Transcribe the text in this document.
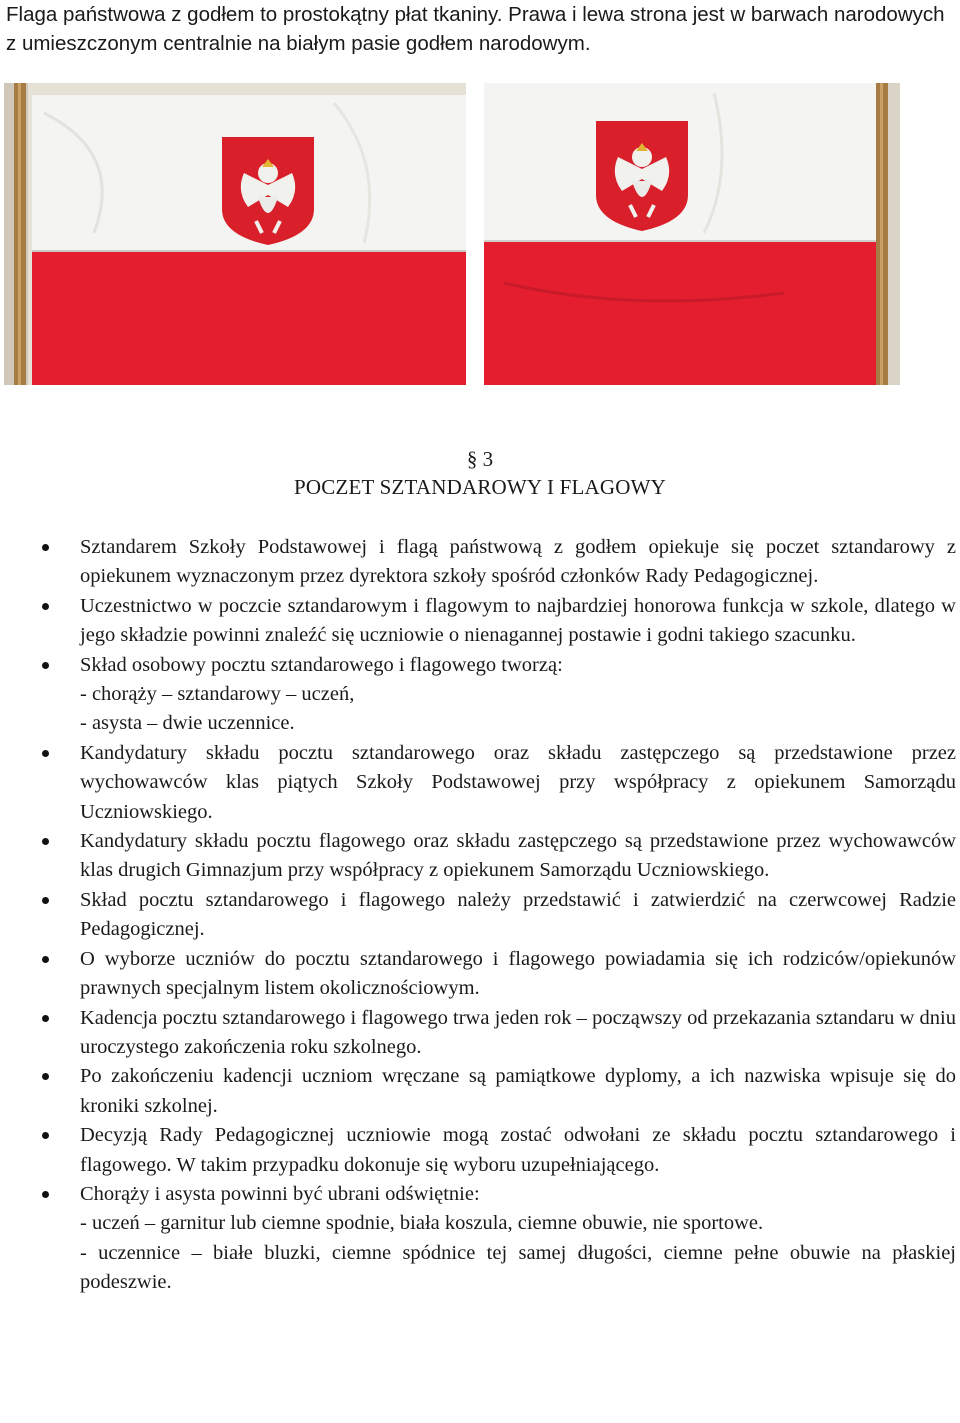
Flaga państwowa z godłem to prostokątny płat tkaniny. Prawa i lewa strona jest w barwach narodowych z umieszczonym centralnie na białym pasie godłem narodowym.
§ 3
POCZET SZTANDAROWY I FLAGOWY
Sztandarem Szkoły Podstawowej i flagą państwową z godłem opiekuje się poczet sztandarowy z opiekunem wyznaczonym przez dyrektora szkoły spośród członków Rady Pedagogicznej.
Uczestnictwo w poczcie sztandarowym i flagowym to najbardziej honorowa funkcja w szkole, dlatego w jego składzie powinni znaleźć się uczniowie o nienagannej postawie i godni takiego szacunku.
Skład osobowy pocztu sztandarowego i flagowego tworzą:
- chorąży – sztandarowy – uczeń,
- asysta – dwie uczennice.
Kandydatury składu pocztu sztandarowego oraz składu zastępczego są przedstawione przez wychowawców klas piątych Szkoły Podstawowej przy współpracy z opiekunem Samorządu Uczniowskiego.
Kandydatury składu pocztu flagowego oraz składu zastępczego są przedstawione przez wychowawców klas drugich Gimnazjum przy współpracy z opiekunem Samorządu Uczniowskiego.
Skład pocztu sztandarowego i flagowego należy przedstawić i zatwierdzić na czerwcowej Radzie Pedagogicznej.
O wyborze uczniów do pocztu sztandarowego i flagowego powiadamia się ich rodziców/opiekunów prawnych specjalnym listem okolicznościowym.
Kadencja pocztu sztandarowego i flagowego trwa jeden rok – począwszy od przekazania sztandaru w dniu uroczystego zakończenia roku szkolnego.
Po zakończeniu kadencji uczniom wręczane są pamiątkowe dyplomy, a ich nazwiska wpisuje się do kroniki szkolnej.
Decyzją Rady Pedagogicznej uczniowie mogą zostać odwołani ze składu pocztu sztandarowego i flagowego. W takim przypadku dokonuje się wyboru uzupełniającego.
Chorąży i asysta powinni być ubrani odświętnie:
- uczeń – garnitur lub ciemne spodnie, biała koszula, ciemne obuwie, nie sportowe.
- uczennice – białe bluzki, ciemne spódnice tej samej długości, ciemne pełne obuwie na płaskiej podeszwie.
